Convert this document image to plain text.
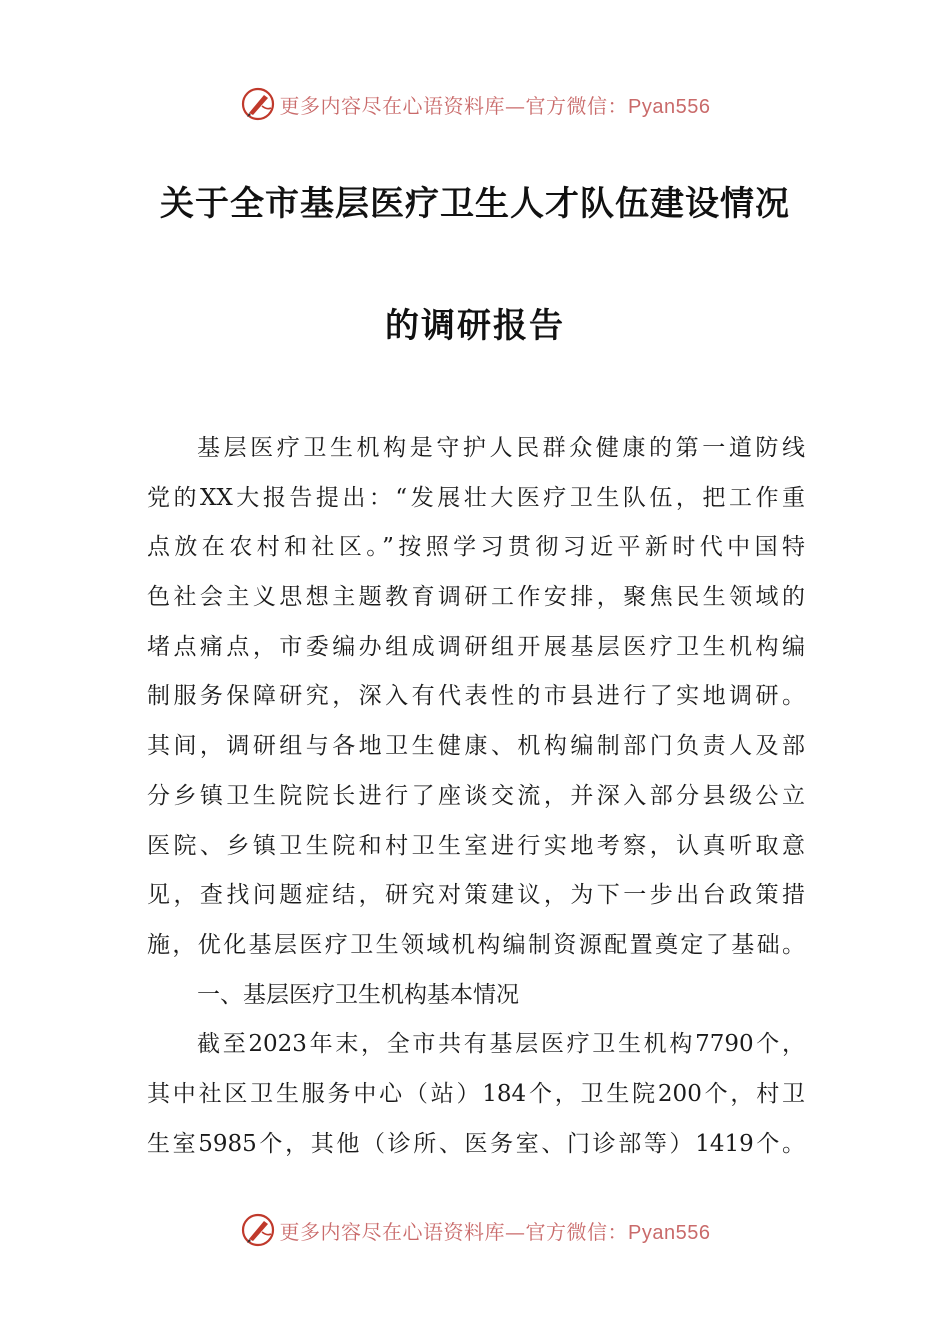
更多内容尽在心语资料库—官方微信：Pyan556
关于全市基层医疗卫生人才队伍建设情况
的调研报告
基层医疗卫生机构是守护人民群众健康的第一道防线
党的XX大报告提出：“发展壮大医疗卫生队伍，把工作重
点放在农村和社区。”按照学习贯彻习近平新时代中国特
色社会主义思想主题教育调研工作安排，聚焦民生领域的
堵点痛点，市委编办组成调研组开展基层医疗卫生机构编
制服务保障研究，深入有代表性的市县进行了实地调研。
其间，调研组与各地卫生健康、机构编制部门负责人及部
分乡镇卫生院院长进行了座谈交流，并深入部分县级公立
医院、乡镇卫生院和村卫生室进行实地考察，认真听取意
见，查找问题症结，研究对策建议，为下一步出台政策措
施，优化基层医疗卫生领域机构编制资源配置奠定了基础。
一、基层医疗卫生机构基本情况
截至2023年末，全市共有基层医疗卫生机构7790个，
其中社区卫生服务中心（站）184个，卫生院200个，村卫
生室5985个，其他（诊所、医务室、门诊部等）1419个。
更多内容尽在心语资料库—官方微信：Pyan556
